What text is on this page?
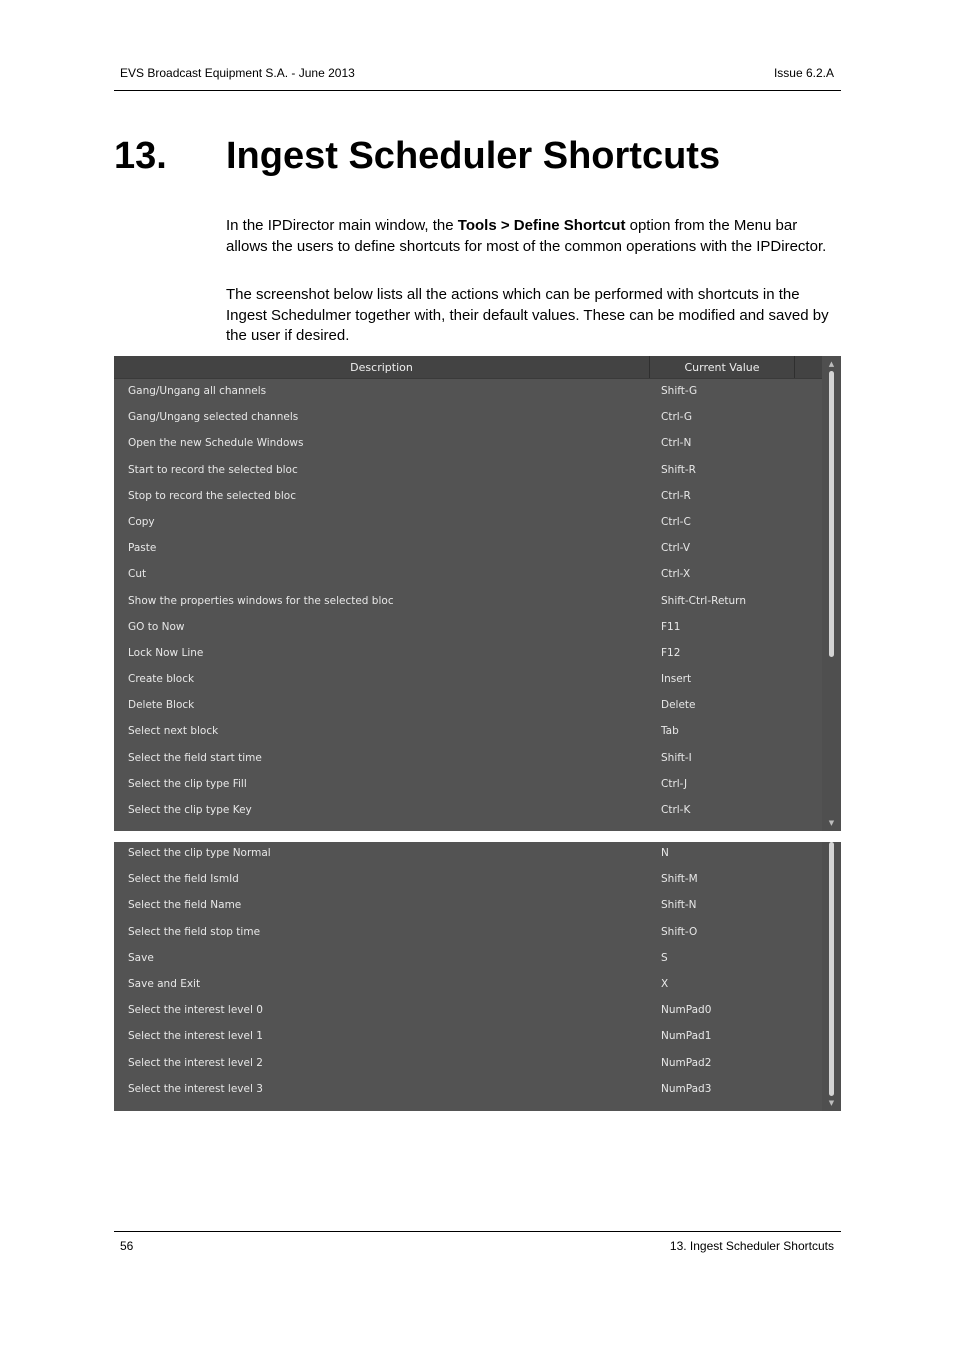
EVS Broadcast Equipment S.A. - June 2013	Issue 6.2.A
13. Ingest Scheduler Shortcuts

In the IPDirector main window, the Tools > Define Shortcut option from the Menu bar allows the users to define shortcuts for most of the common operations with the IPDirector.

The screenshot below lists all the actions which can be performed with shortcuts in the Ingest Schedulmer together with, their default values. These can be modified and saved by the user if desired.

Description	Current Value
Gang/Ungang all channels	Shift-G
Gang/Ungang selected channels	Ctrl-G
Open the new Schedule Windows	Ctrl-N
Start to record the selected bloc	Shift-R
Stop to record the selected bloc	Ctrl-R
Copy	Ctrl-C
Paste	Ctrl-V
Cut	Ctrl-X
Show the properties windows for the selected bloc	Shift-Ctrl-Return
GO to Now	F11
Lock Now Line	F12
Create block	Insert
Delete Block	Delete
Select next block	Tab
Select the field start time	Shift-I
Select the clip type Fill	Ctrl-J
Select the clip type Key	Ctrl-K
▲
▼
Select the clip type Normal	N
Select the field IsmId	Shift-M
Select the field Name	Shift-N
Select the field stop time	Shift-O
Save	S
Save and Exit	X
Select the interest level 0	NumPad0
Select the interest level 1	NumPad1
Select the interest level 2	NumPad2
Select the interest level 3	NumPad3
▼
56	13. Ingest Scheduler Shortcuts
